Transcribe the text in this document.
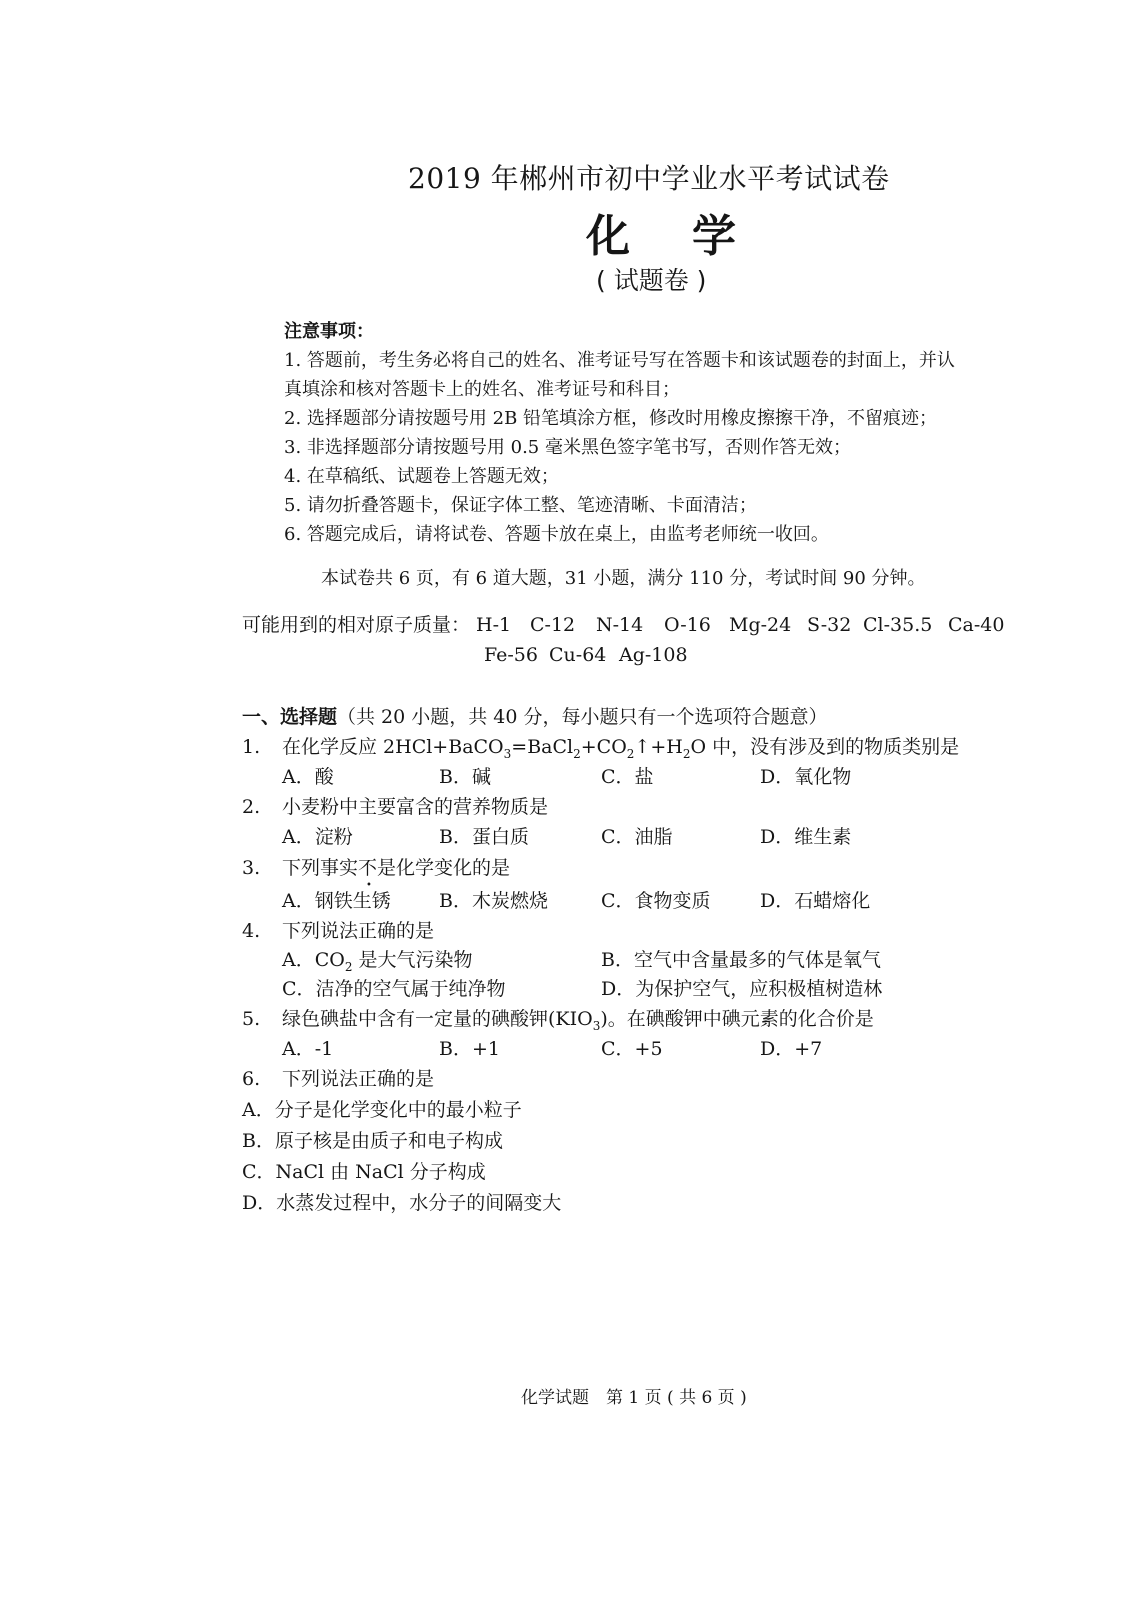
2019 年郴州市初中学业水平考试试卷
化学
( 试题卷 )
注意事项：
1. 答题前，考生务必将自己的姓名、准考证号写在答题卡和该试题卷的封面上，并认
真填涂和核对答题卡上的姓名、准考证号和科目；
2. 选择题部分请按题号用 2B 铅笔填涂方框，修改时用橡皮擦擦干净，不留痕迹；
3. 非选择题部分请按题号用 0.5 毫米黑色签字笔书写，否则作答无效；
4. 在草稿纸、试题卷上答题无效；
5. 请勿折叠答题卡，保证字体工整、笔迹清晰、卡面清洁；
6. 答题完成后，请将试卷、答题卡放在桌上，由监考老师统一收回。
本试卷共 6 页，有 6 道大题，31 小题，满分 110 分，考试时间 90 分钟。
可能用到的相对原子质量： H-1 C-12 N-14 O-16 Mg-24 S-32 Cl-35.5 Ca-40
Fe-56 Cu-64 Ag-108
一、选择题（共 20 小题，共 40 分，每小题只有一个选项符合题意）
1. 在化学反应 $2HCl+BaCO_3=BaCl_2+CO_2↑+H_2O$ 中，没有涉及到的物质类别是
A．酸	B．碱	C．盐	D．氧化物
2. 小麦粉中主要富含的营养物质是
A．淀粉	B．蛋白质	C．油脂	D．维生素
3. 下列事实不是化学变化的是
•
A．钢铁生锈	B．木炭燃烧	C．食物变质	D．石蜡熔化
4. 下列说法正确的是
A．$CO_2$ 是大气污染物	B．空气中含量最多的气体是氧气
C．洁净的空气属于纯净物	D．为保护空气，应积极植树造林
5. 绿色碘盐中含有一定量的碘酸钾$(KIO_3)$。在碘酸钾中碘元素的化合价是
A．-1	B．+1	C．+5	D．+7
6. 下列说法正确的是
A．分子是化学变化中的最小粒子
B．原子核是由质子和电子构成
C．NaCl 由 NaCl 分子构成
D．水蒸发过程中，水分子的间隔变大
化学试题　第 1 页 ( 共 6 页 )
